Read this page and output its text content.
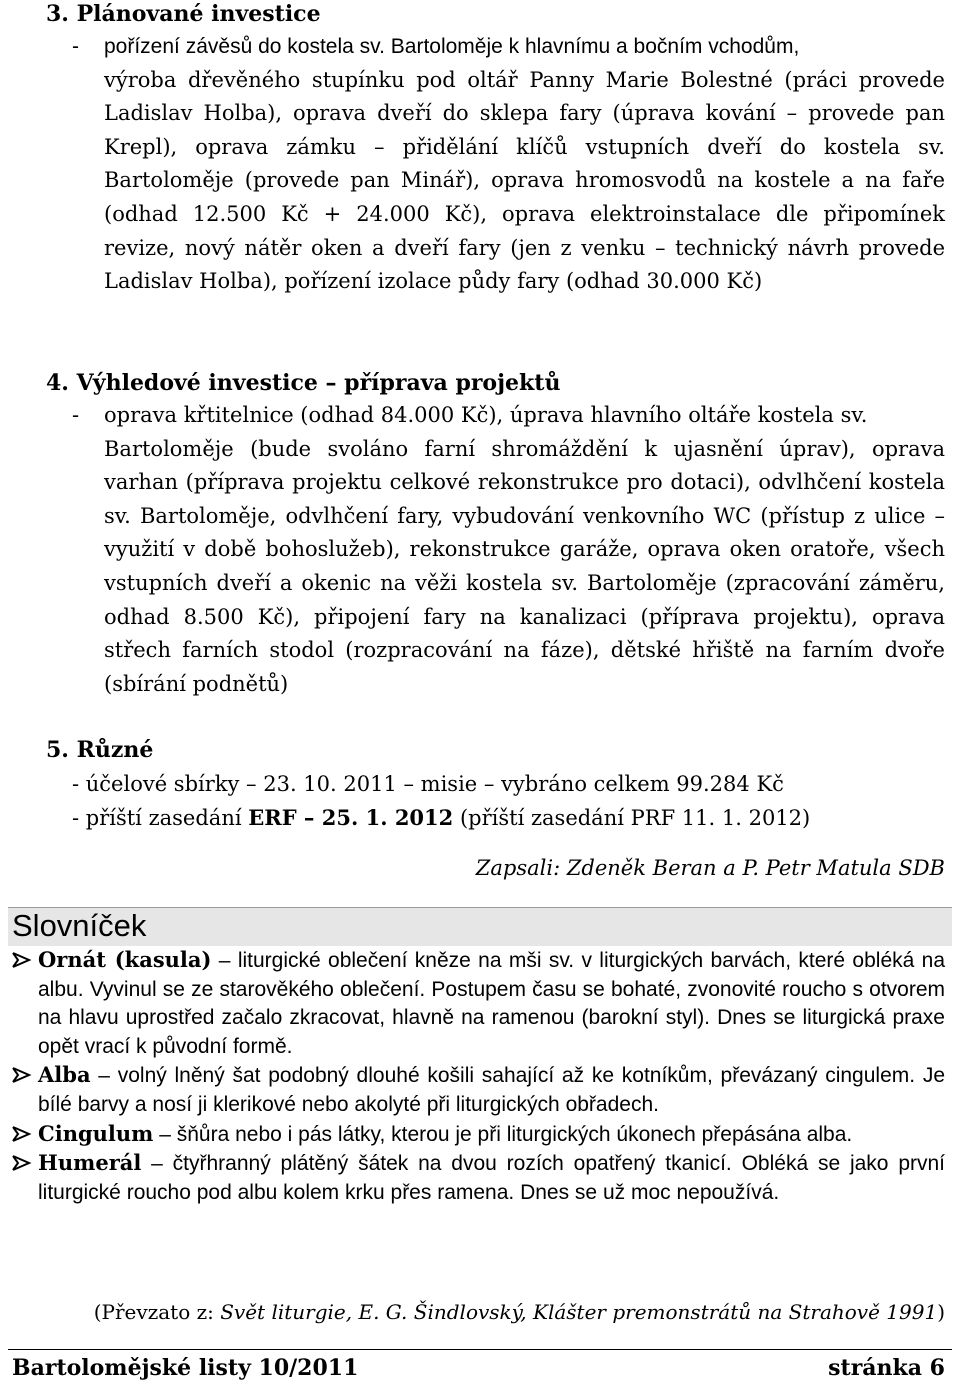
3. Plánované investice
- pořízení závěsů do kostela sv. Bartoloměje k hlavnímu a bočním vchodům,
výroba dřevěného stupínku pod oltář Panny Marie Bolestné (práci provede Ladislav Holba), oprava dveří do sklepa fary (úprava kování – provede pan Krepl), oprava zámku – přidělání klíčů vstupních dveří do kostela sv. Bartoloměje (provede pan Minář), oprava hromosvodů na kostele a na faře (odhad 12.500 Kč + 24.000 Kč), oprava elektroinstalace dle připomínek revize, nový nátěr oken a dveří fary (jen z venku – technický návrh provede Ladislav Holba), pořízení izolace půdy fary (odhad 30.000 Kč)
4. Výhledové investice – příprava projektů
- oprava křtitelnice (odhad 84.000 Kč), úprava hlavního oltáře kostela sv.
Bartoloměje (bude svoláno farní shromáždění k ujasnění úprav), oprava varhan (příprava projektu celkové rekonstrukce pro dotaci), odvlhčení kostela sv. Bartoloměje, odvlhčení fary, vybudování venkovního WC (přístup z ulice – využití v době bohoslužeb), rekonstrukce garáže, oprava oken oratoře, všech vstupních dveří a okenic na věži kostela sv. Bartoloměje (zpracování záměru, odhad 8.500 Kč), připojení fary na kanalizaci (příprava projektu), oprava střech farních stodol (rozpracování na fáze), dětské hřiště na farním dvoře (sbírání podnětů)
5. Různé
- účelové sbírky – 23. 10. 2011 – misie – vybráno celkem 99.284 Kč
- příští zasedání ERF – 25. 1. 2012 (příští zasedání PRF 11. 1. 2012)
Zapsali: Zdeněk Beran a P. Petr Matula SDB
Slovníček

Ornát (kasula) – liturgické oblečení kněze na mši sv. v liturgických barvách, které obléká na albu. Vyvinul se ze starověkého oblečení. Postupem času se bohaté, zvonovité roucho s otvorem na hlavu uprostřed začalo zkracovat, hlavně na ramenou (barokní styl). Dnes se liturgická praxe opět vrací k původní formě.

Alba – volný lněný šat podobný dlouhé košili sahající až ke kotníkům, převázaný cingulem. Je bílé barvy a nosí ji klerikové nebo akolyté při liturgických obřadech.

Cingulum – šňůra nebo i pás látky, kterou je při liturgických úkonech přepásána alba.

Humerál – čtyřhranný plátěný šátek na dvou rozích opatřený tkanicí. Obléká se jako první liturgické roucho pod albu kolem krku přes ramena. Dnes se už moc nepoužívá.

(Převzato z: Svět liturgie, E. G. Šindlovský, Klášter premonstrátů na Strahově 1991)
Bartolomějské listy 10/2011	stránka 6
